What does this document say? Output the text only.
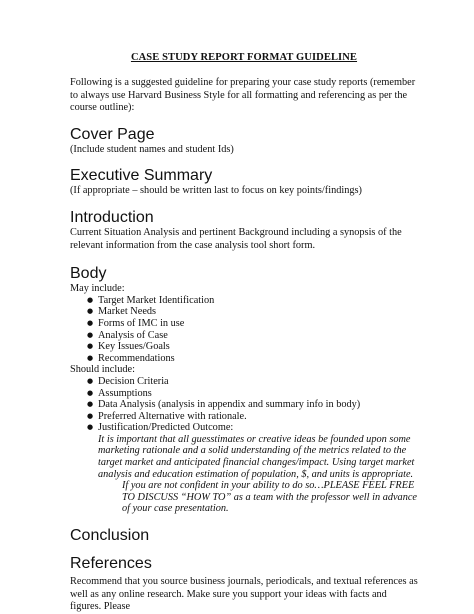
CASE STUDY REPORT FORMAT GUIDELINE

Following is a suggested guideline for preparing your case study reports (remember to always use Harvard Business Style for all formatting and referencing as per the course outline):
Cover Page
(Include student names and student Ids)
Executive Summary
(If appropriate – should be written last to focus on key points/findings)
Introduction
Current Situation Analysis and pertinent Background including a synopsis of the relevant information from the case analysis tool short form.
Body
May include:
● Target Market Identification
● Market Needs
● Forms of IMC in use
● Analysis of Case
● Key Issues/Goals
● Recommendations
Should include:
● Decision Criteria
● Assumptions
● Data Analysis (analysis in appendix and summary info in body)
● Preferred Alternative with rationale.
● Justification/Predicted Outcome:
It is important that all guesstimates or creative ideas be founded upon some marketing rationale and a solid understanding of the metrics related to the target market and anticipated financial changes/impact. Using target market analysis and education estimation of population, $, and units is appropriate.
If you are not confident in your ability to do so…PLEASE FEEL FREE TO DISCUSS “HOW TO” as a team with the professor well in advance of your case presentation.
Conclusion
References
Recommend that you source business journals, periodicals, and textual references as well as any online research. Make sure you support your ideas with facts and figures. Please
